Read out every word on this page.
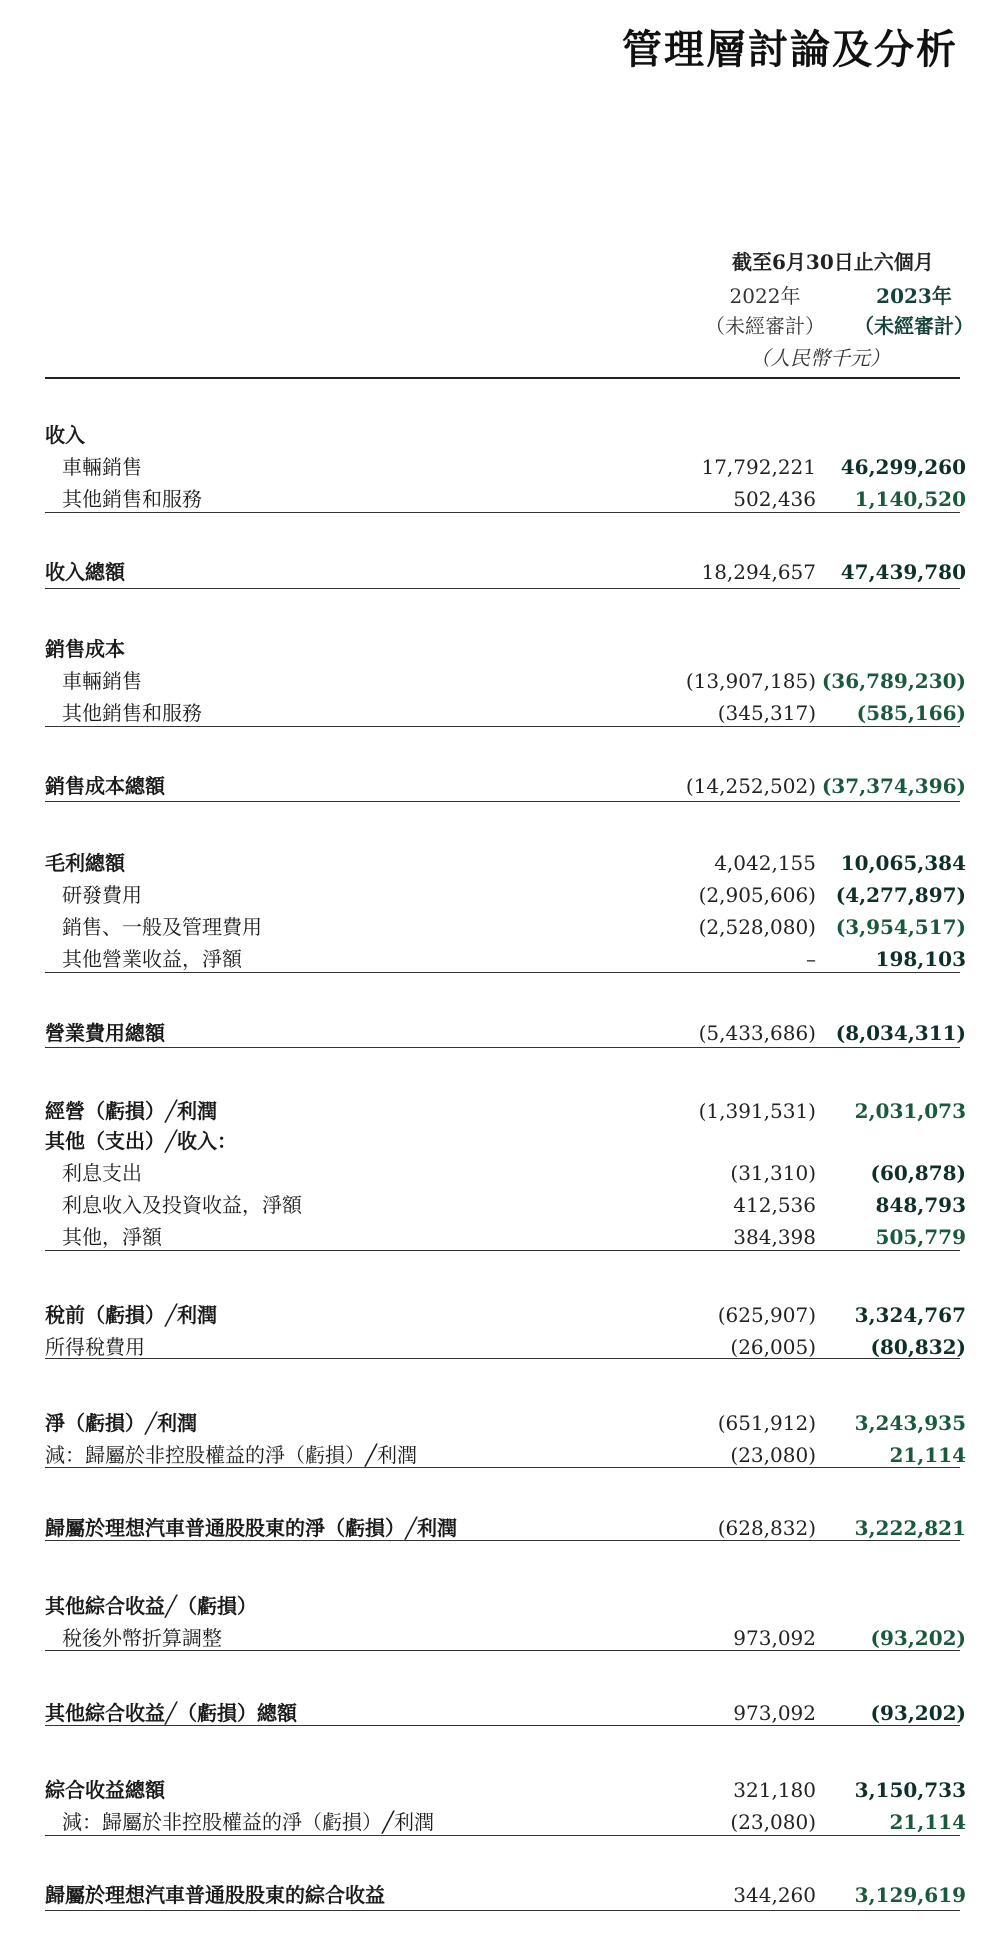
管理層討論及分析
截至6月30日止六個月
2022年	2023年
（未經審計）	（未經審計）
（人民幣千元）
收入
車輛銷售	17,792,221 46,299,260
其他銷售和服務	502,436 1,140,520
收入總額	18,294,657 47,439,780
銷售成本
車輛銷售	(13,907,185) (36,789,230)
其他銷售和服務	(345,317) (585,166)
銷售成本總額	(14,252,502) (37,374,396)
毛利總額	4,042,155 10,065,384
研發費用	(2,905,606) (4,277,897)
銷售、一般及管理費用	(2,528,080) (3,954,517)
其他營業收益，淨額	–	198,103
營業費用總額	(5,433,686) (8,034,311)
經營（虧損）╱利潤	(1,391,531) 2,031,073
其他（支出）╱收入：
利息支出	(31,310)	(60,878)
利息收入及投資收益，淨額	412,536	848,793
其他，淨額	384,398	505,779
稅前（虧損）╱利潤	(625,907) 3,324,767
所得稅費用	(26,005)	(80,832)
淨（虧損）╱利潤	(651,912) 3,243,935
減：歸屬於非控股權益的淨（虧損）╱利潤	(23,080)	21,114
歸屬於理想汽車普通股股東的淨（虧損）╱利潤	(628,832) 3,222,821
其他綜合收益╱（虧損）
稅後外幣折算調整	973,092	(93,202)
其他綜合收益╱（虧損）總額	973,092	(93,202)
綜合收益總額	321,180 3,150,733
減：歸屬於非控股權益的淨（虧損）╱利潤	(23,080)	21,114
歸屬於理想汽車普通股股東的綜合收益	344,260 3,129,619
